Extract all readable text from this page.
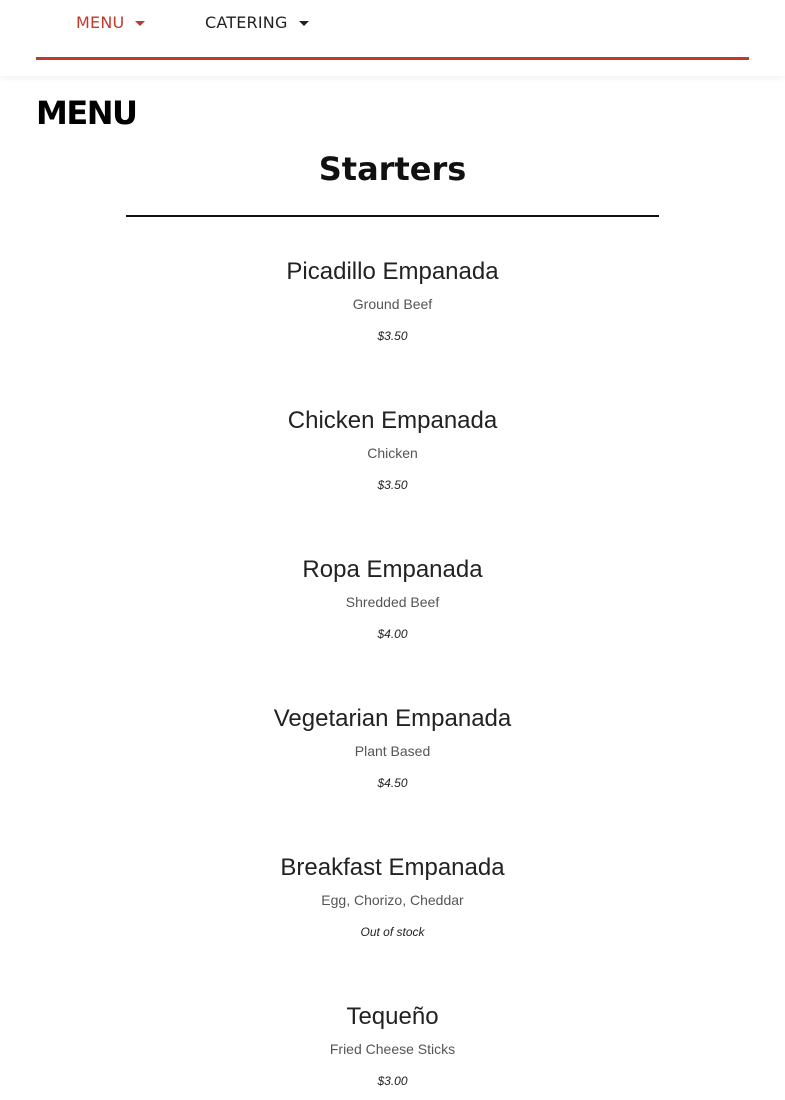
MENU	CATERING
MENU
Starters
Picadillo Empanada
Ground Beef
$3.50
Chicken Empanada
Chicken
$3.50
Ropa Empanada
Shredded Beef
$4.00
Vegetarian Empanada
Plant Based
$4.50
Breakfast Empanada
Egg, Chorizo, Cheddar
Out of stock
Tequeño
Fried Cheese Sticks
$3.00
